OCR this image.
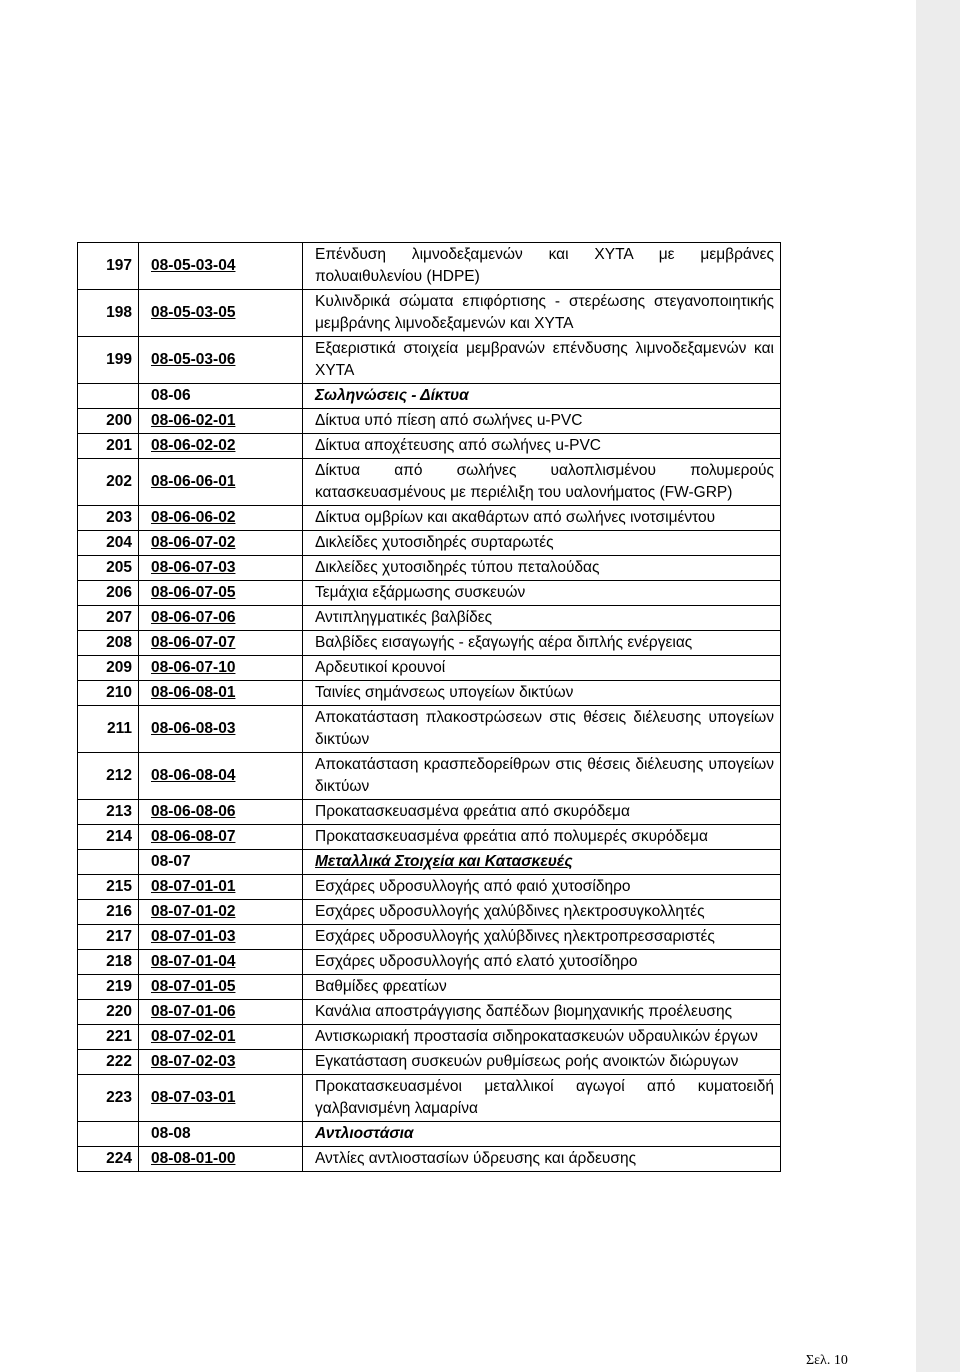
197	08-05-03-04	Επένδυση λιμνοδεξαμενών και ΧΥΤΑ με μεμβράνες πολυαιθυλενίου (HDPE)
198	08-05-03-05	Κυλινδρικά σώματα επιφόρτισης - στερέωσης στεγανοποιητικής μεμβράνης λιμνοδεξαμενών και ΧΥΤΑ
199	08-05-03-06	Εξαεριστικά στοιχεία μεμβρανών επένδυσης λιμνοδεξαμενών και ΧΥΤΑ
	08-06	Σωληνώσεις - Δίκτυα
200	08-06-02-01	Δίκτυα υπό πίεση από σωλήνες u-PVC
201	08-06-02-02	Δίκτυα αποχέτευσης από σωλήνες u-PVC
202	08-06-06-01	Δίκτυα από σωλήνες υαλοπλισμένου πολυμερούς κατασκευασμένους με περιέλιξη του υαλονήματος (FW-GRP)
203	08-06-06-02	Δίκτυα ομβρίων και ακαθάρτων από σωλήνες ινοτσιμέντου
204	08-06-07-02	Δικλείδες χυτοσιδηρές συρταρωτές
205	08-06-07-03	Δικλείδες χυτοσιδηρές τύπου πεταλούδας
206	08-06-07-05	Τεμάχια εξάρμωσης συσκευών
207	08-06-07-06	Αντιπληγματικές βαλβίδες
208	08-06-07-07	Βαλβίδες εισαγωγής - εξαγωγής αέρα διπλής ενέργειας
209	08-06-07-10	Αρδευτικοί κρουνοί
210	08-06-08-01	Ταινίες σημάνσεως υπογείων δικτύων
211	08-06-08-03	Αποκατάσταση πλακοστρώσεων στις θέσεις διέλευσης υπογείων δικτύων
212	08-06-08-04	Αποκατάσταση κρασπεδορείθρων στις θέσεις διέλευσης υπογείων δικτύων
213	08-06-08-06	Προκατασκευασμένα φρεάτια από σκυρόδεμα
214	08-06-08-07	Προκατασκευασμένα φρεάτια από πολυμερές σκυρόδεμα
	08-07	Μεταλλικά Στοιχεία και Κατασκευές
215	08-07-01-01	Εσχάρες υδροσυλλογής από φαιό χυτοσίδηρο
216	08-07-01-02	Εσχάρες υδροσυλλογής χαλύβδινες ηλεκτροσυγκολλητές
217	08-07-01-03	Εσχάρες υδροσυλλογής χαλύβδινες ηλεκτροπρεσσαριστές
218	08-07-01-04	Εσχάρες υδροσυλλογής από ελατό χυτοσίδηρο
219	08-07-01-05	Βαθμίδες φρεατίων
220	08-07-01-06	Κανάλια αποστράγγισης δαπέδων βιομηχανικής προέλευσης
221	08-07-02-01	Αντισκωριακή προστασία σιδηροκατασκευών υδραυλικών έργων
222	08-07-02-03	Εγκατάσταση συσκευών ρυθμίσεως ροής ανοικτών διώρυγων
223	08-07-03-01	Προκατασκευασμένοι μεταλλικοί αγωγοί από κυματοειδή γαλβανισμένη λαμαρίνα
	08-08	Αντλιοστάσια
224	08-08-01-00	Αντλίες αντλιοστασίων ύδρευσης και άρδευσης
Σελ. 10
